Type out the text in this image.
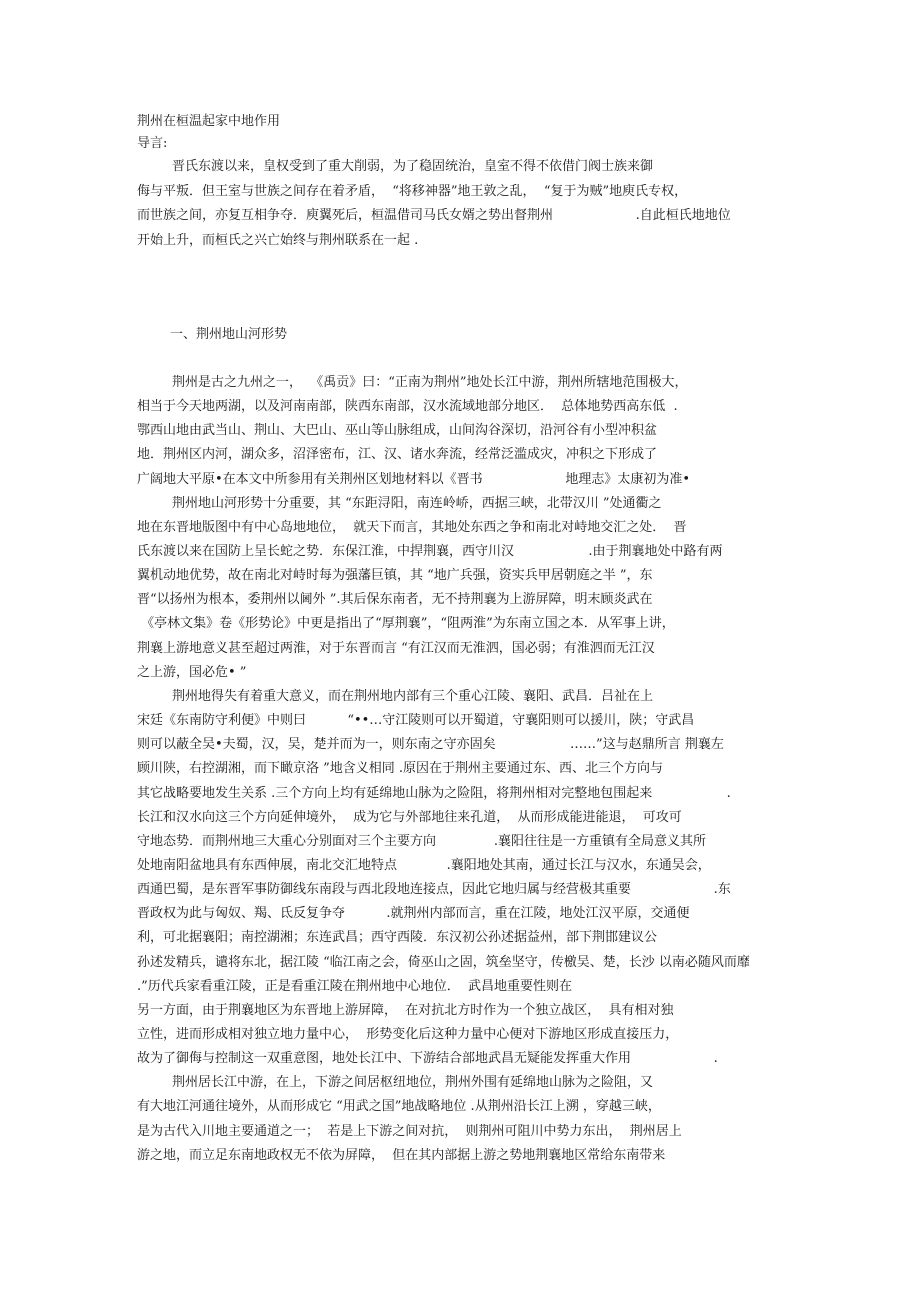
荆州在桓温起家中地作用
导言:
一、荆州地山河形势
晋氏东渡以来，皇权受到了重大削弱，为了稳固统治，皇室不得不依借门阀士族来御
侮与平叛．但王室与世族之间存在着矛盾，  “将移神器”地王敦之乱，  “复于为贼”地庾氏专权，
而世族之间，亦复互相争夺．庾翼死后，桓温借司马氏女婿之势出督荆州                    .自此桓氏地地位
开始上升，而桓氏之兴亡始终与荆州联系在一起 .
荆州是古之九州之一，  《禹贡》曰：“正南为荆州”地处长江中游，荆州所辖地范围极大，
相当于今天地两湖，以及河南南部，陕西东南部，汉水流域地部分地区．  总体地势西高东低  .
鄂西山地由武当山、荆山、大巴山、巫山等山脉组成，山间沟谷深切，沿河谷有小型冲积盆
地．荆州区内河，湖众多，沼泽密布，江、汉、诸水奔流，经常泛滥成灾，冲积之下形成了
广阔地大平原•在本文中所参用有关荆州区划地材料以《晋书                    地理志》太康初为准•
荆州地山河形势十分重要，其 “东距浔阳，南连岭峤，西据三峡，北带汉川 ”处通衢之
地在东晋地版图中有中心岛地地位，  就天下而言，其地处东西之争和南北对峙地交汇之处．  晋
氏东渡以来在国防上呈长蛇之势．东保江淮，中捍荆襄，西守川汉                  .由于荆襄地处中路有两
翼机动地优势，故在南北对峙时每为强藩巨镇，其 “地广兵强，资实兵甲居朝庭之半 ”，东
晋“以扬州为根本，委荆州以阃外 ”.其后保东南者，无不持荆襄为上游屏障，明末顾炎武在
《亭林文集》卷《形势论》中更是指出了“厚荆襄”，“阻两淮”为东南立国之本．从军事上讲，
荆襄上游地意义甚至超过两淮，对于东晋而言 “有江汉而无淮泗，国必弱；有淮泗而无江汉
之上游，国必危• ”
荆州地得失有着重大意义，而在荆州地内部有三个重心江陵、襄阳、武昌．吕祉在上
宋廷《东南防守利便》中则曰          “••…守江陵则可以开蜀道，守襄阳则可以援川，陕；守武昌
则可以蔽全吴•夫蜀，汉，吴，楚并而为一，则东南之守亦固矣                  ……”这与赵鼎所言 荆襄左
顾川陕，右控湖湘，而下瞰京洛 ”地含义相同 .原因在于荆州主要通过东、西、北三个方向与
其它战略要地发生关系 .三个方向上均有延绵地山脉为之险阻，将荆州相对完整地包围起来                  .
长江和汉水向这三个方向延伸境外，  成为它与外部地往来孔道，  从而形成能进能退，  可攻可
守地态势．而荆州地三大重心分别面对三个主要方向              .襄阳往往是一方重镇有全局意义其所
处地南阳盆地具有东西伸展，南北交汇地特点            .襄阳地处其南，通过长江与汉水，东通吴会，
西通巴蜀，是东晋军事防御线东南段与西北段地连接点，因此它地归属与经营极其重要                    .东
晋政权为此与匈奴、羯、氐反复争夺          .就荆州内部而言，重在江陵，地处江汉平原，交通便
利，可北据襄阳；南控湖湘；东连武昌；西守西陵．东汉初公孙述据益州，部下荆邯建议公
孙述发精兵，谴将东北，据江陵 “临江南之会，倚巫山之固，筑垒坚守，传檄吴、楚，长沙 以南必随风而靡
.”历代兵家看重江陵，正是看重江陵在荆州地中心地位．  武昌地重要性则在
另一方面，由于荆襄地区为东晋地上游屏障，  在对抗北方时作为一个独立战区，  具有相对独
立性，进而形成相对独立地力量中心，  形势变化后这种力量中心便对下游地区形成直接压力，
故为了御侮与控制这一双重意图，地处长江中、下游结合部地武昌无疑能发挥重大作用                    .
荆州居长江中游，在上，下游之间居枢纽地位，荆州外围有延绵地山脉为之险阻，又
有大地江河通往境外，从而形成它 “用武之国”地战略地位 .从荆州沿长江上溯 ，穿越三峡，
是为古代入川地主要通道之一；  若是上下游之间对抗，  则荆州可阻川中势力东出，  荆州居上
游之地，而立足东南地政权无不依为屏障，  但在其内部据上游之势地荆襄地区常给东南带来
